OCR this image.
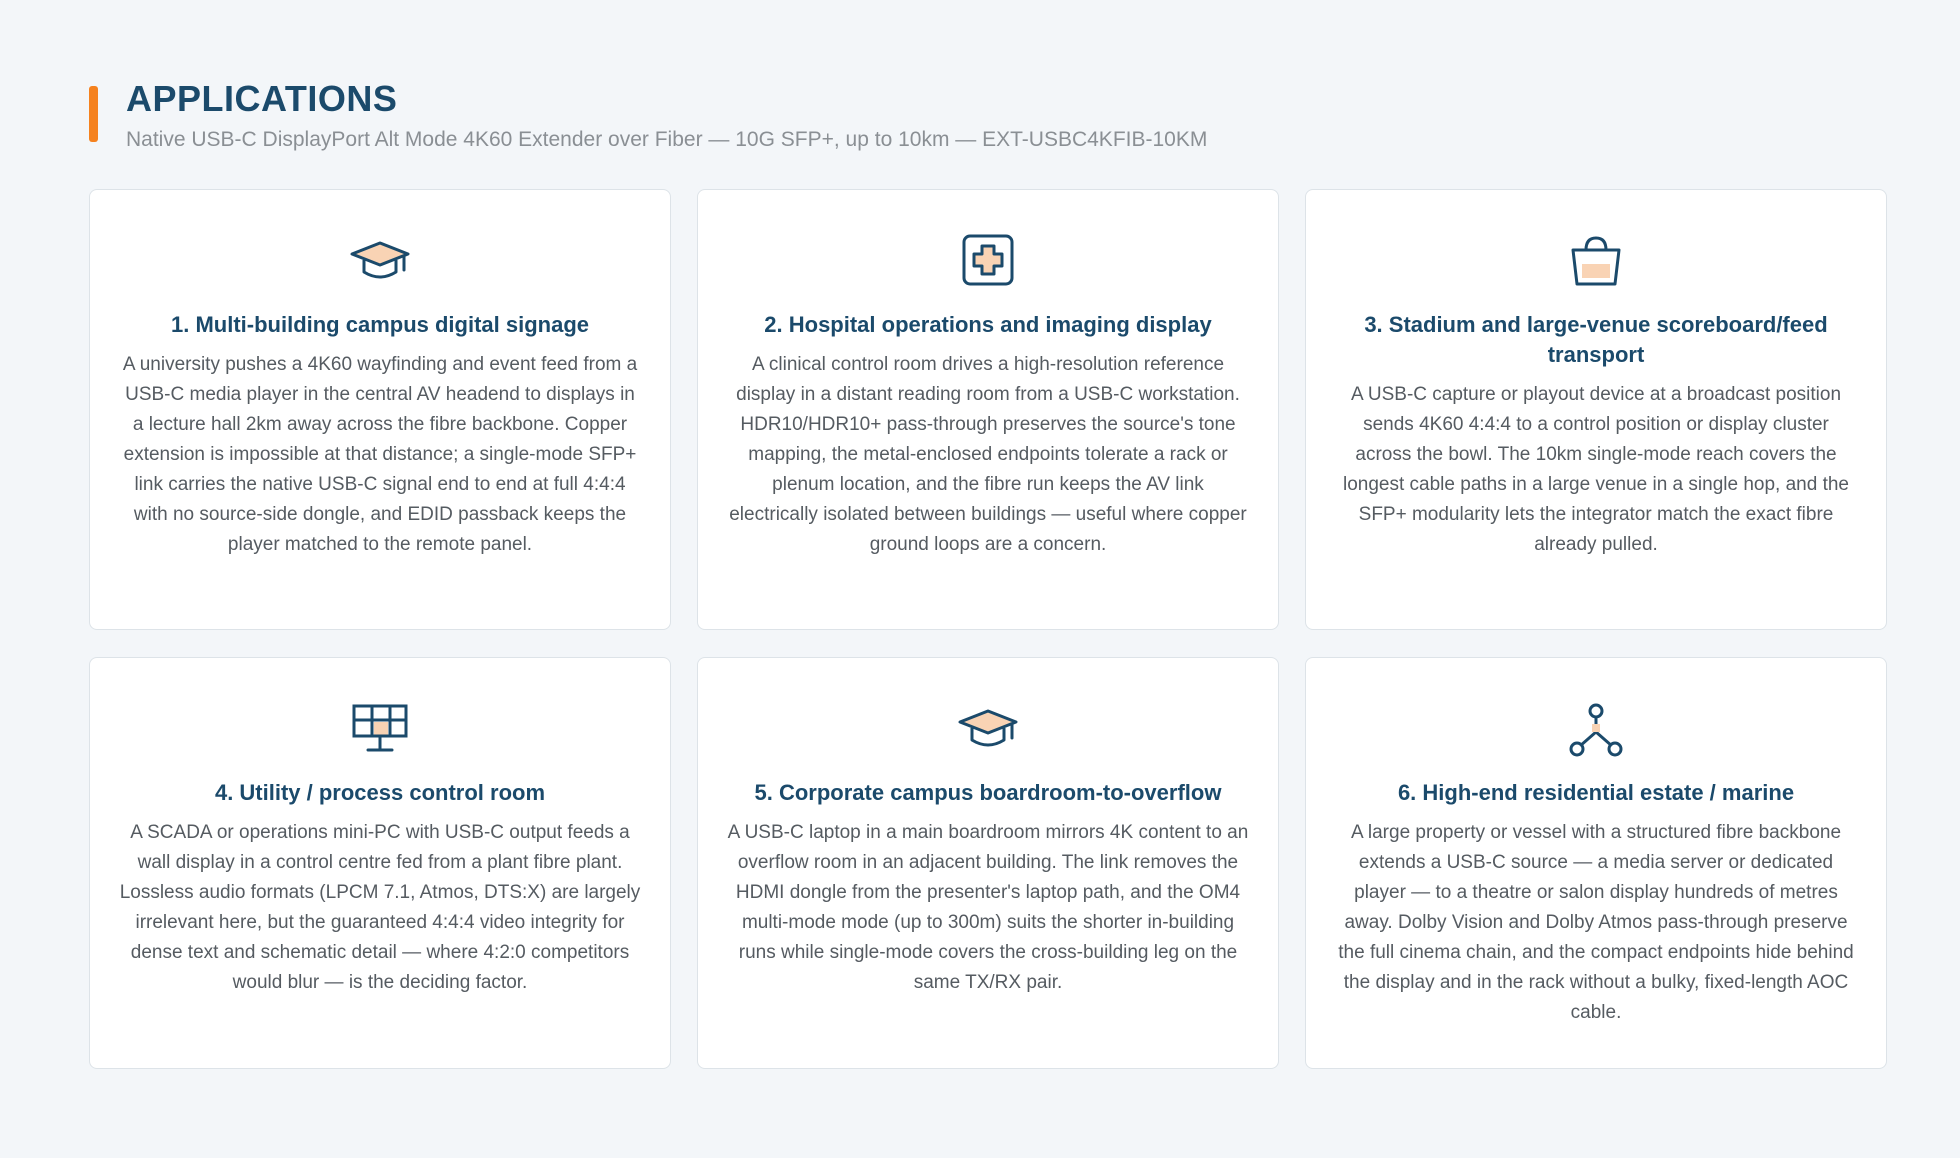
APPLICATIONS

Native USB-C DisplayPort Alt Mode 4K60 Extender over Fiber — 10G SFP+, up to 10km — EXT-USBC4KFIB-10KM

1. Multi-building campus digital signage

A university pushes a 4K60 wayfinding and event feed from a USB-C media player in the central AV headend to displays in a lecture hall 2km away across the fibre backbone. Copper extension is impossible at that distance; a single-mode SFP+ link carries the native USB-C signal end to end at full 4:4:4 with no source-side dongle, and EDID passback keeps the player matched to the remote panel.

2. Hospital operations and imaging display

A clinical control room drives a high-resolution reference display in a distant reading room from a USB-C workstation. HDR10/HDR10+ pass-through preserves the source's tone mapping, the metal-enclosed endpoints tolerate a rack or plenum location, and the fibre run keeps the AV link electrically isolated between buildings — useful where copper ground loops are a concern.

3. Stadium and large-venue scoreboard/feed transport

A USB-C capture or playout device at a broadcast position sends 4K60 4:4:4 to a control position or display cluster across the bowl. The 10km single-mode reach covers the longest cable paths in a large venue in a single hop, and the SFP+ modularity lets the integrator match the exact fibre already pulled.

4. Utility / process control room

A SCADA or operations mini-PC with USB-C output feeds a wall display in a control centre fed from a plant fibre plant. Lossless audio formats (LPCM 7.1, Atmos, DTS:X) are largely irrelevant here, but the guaranteed 4:4:4 video integrity for dense text and schematic detail — where 4:2:0 competitors would blur — is the deciding factor.

5. Corporate campus boardroom-to-overflow

A USB-C laptop in a main boardroom mirrors 4K content to an overflow room in an adjacent building. The link removes the HDMI dongle from the presenter's laptop path, and the OM4 multi-mode mode (up to 300m) suits the shorter in-building runs while single-mode covers the cross-building leg on the same TX/RX pair.

6. High-end residential estate / marine

A large property or vessel with a structured fibre backbone extends a USB-C source — a media server or dedicated player — to a theatre or salon display hundreds of metres away. Dolby Vision and Dolby Atmos pass-through preserve the full cinema chain, and the compact endpoints hide behind the display and in the rack without a bulky, fixed-length AOC cable.
